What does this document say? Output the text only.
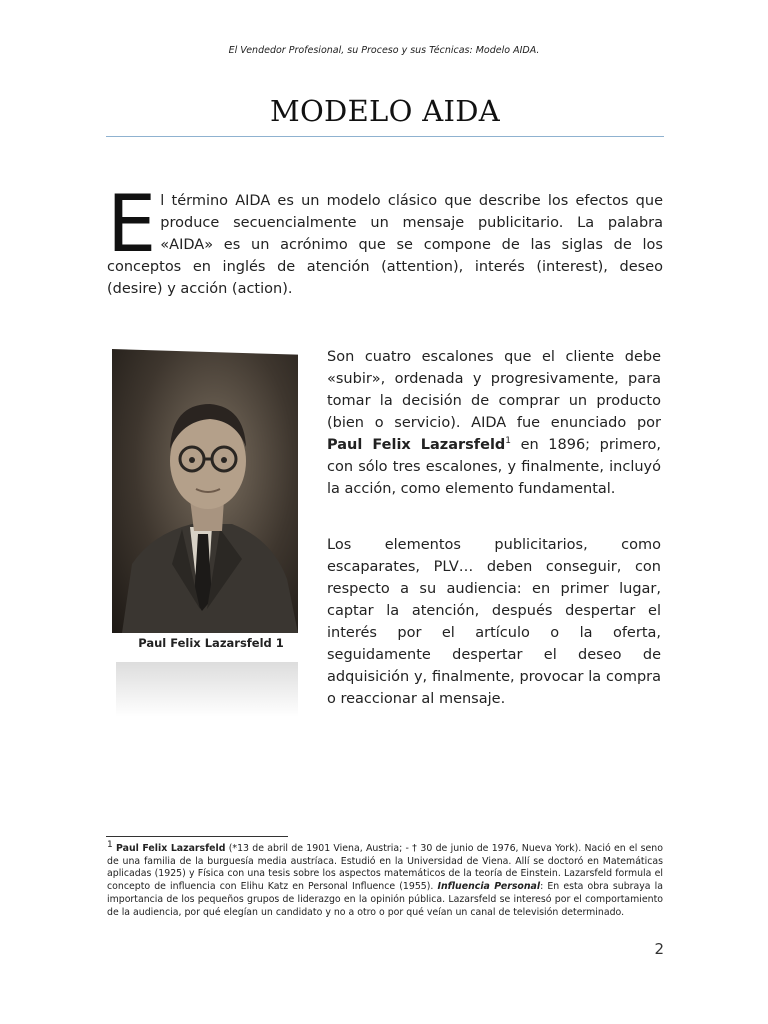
El Vendedor Profesional, su Proceso y sus Técnicas: Modelo AIDA.
MODELO AIDA
El término AIDA es un modelo clásico que describe los efectos que produce secuencialmente un mensaje publicitario. La palabra «AIDA» es un acrónimo que se compone de las siglas de los conceptos en inglés de atención (attention), interés (interest), deseo (desire) y acción (action).
Paul Felix Lazarsfeld 1

Son cuatro escalones que el cliente debe «subir», ordenada y progresivamente, para tomar la decisión de comprar un producto (bien o servicio). AIDA fue enunciado por Paul Felix Lazarsfeld$^1$ en 1896; primero, con sólo tres escalones, y finalmente, incluyó la acción, como elemento fundamental.

Los elementos publicitarios, como escaparates, PLV… deben conseguir, con respecto a su audiencia: en primer lugar, captar la atención, después despertar el interés por el artículo o la oferta, seguidamente despertar el deseo de adquisición y, finalmente, provocar la compra o reaccionar al mensaje.

$^1$ Paul Felix Lazarsfeld (*13 de abril de 1901 Viena, Austria; - † 30 de junio de 1976, Nueva York). Nació en el seno de una familia de la burguesía media austríaca. Estudió en la Universidad de Viena. Allí se doctoró en Matemáticas aplicadas (1925) y Física con una tesis sobre los aspectos matemáticos de la teoría de Einstein. Lazarsfeld formula el concepto de influencia con Elihu Katz en Personal Influence (1955). Influencia Personal: En esta obra subraya la importancia de los pequeños grupos de liderazgo en la opinión pública. Lazarsfeld se interesó por el comportamiento de la audiencia, por qué elegían un candidato y no a otro o por qué veían un canal de televisión determinado.
2
